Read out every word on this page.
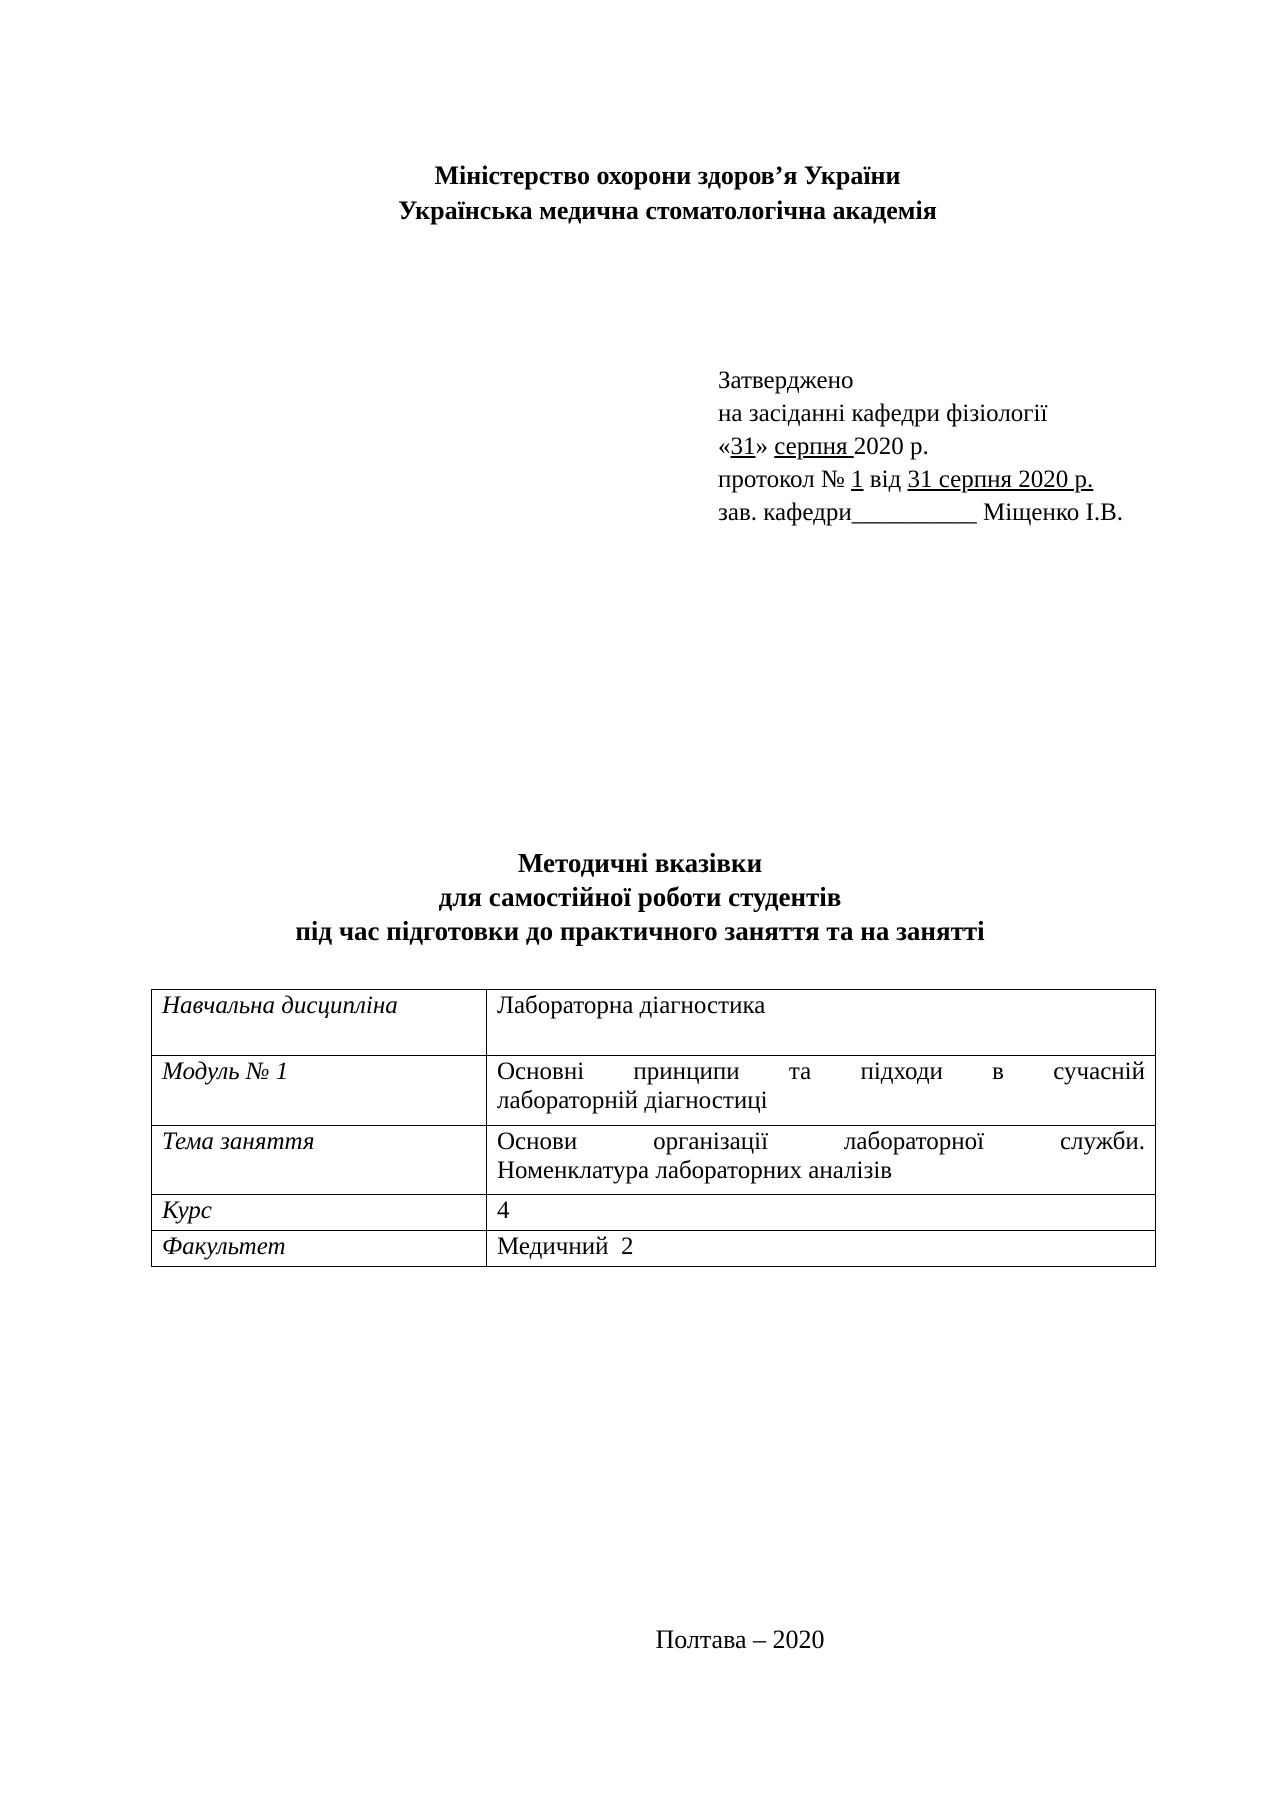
Міністерство охорони здоров’я України
Українська медична стоматологічна академія
Затверджено
на засіданні кафедри фізіології
«31» серпня 2020 р.
протокол № 1 від 31 серпня 2020 р.
зав. кафедри__________ Міщенко І.В.
Методичні вказівки
для самостійної роботи студентів
під час підготовки до практичного заняття та на занятті
Навчальна дисципліна	Лабораторна діагностика
Модуль № 1	Основні принципи та підходи в сучасній
лабораторній діагностиці
Тема заняття	Основи організації лабораторної служби.
Номенклатура лабораторних аналізів
Курс	4
Факультет	Медичний  2
Полтава – 2020
